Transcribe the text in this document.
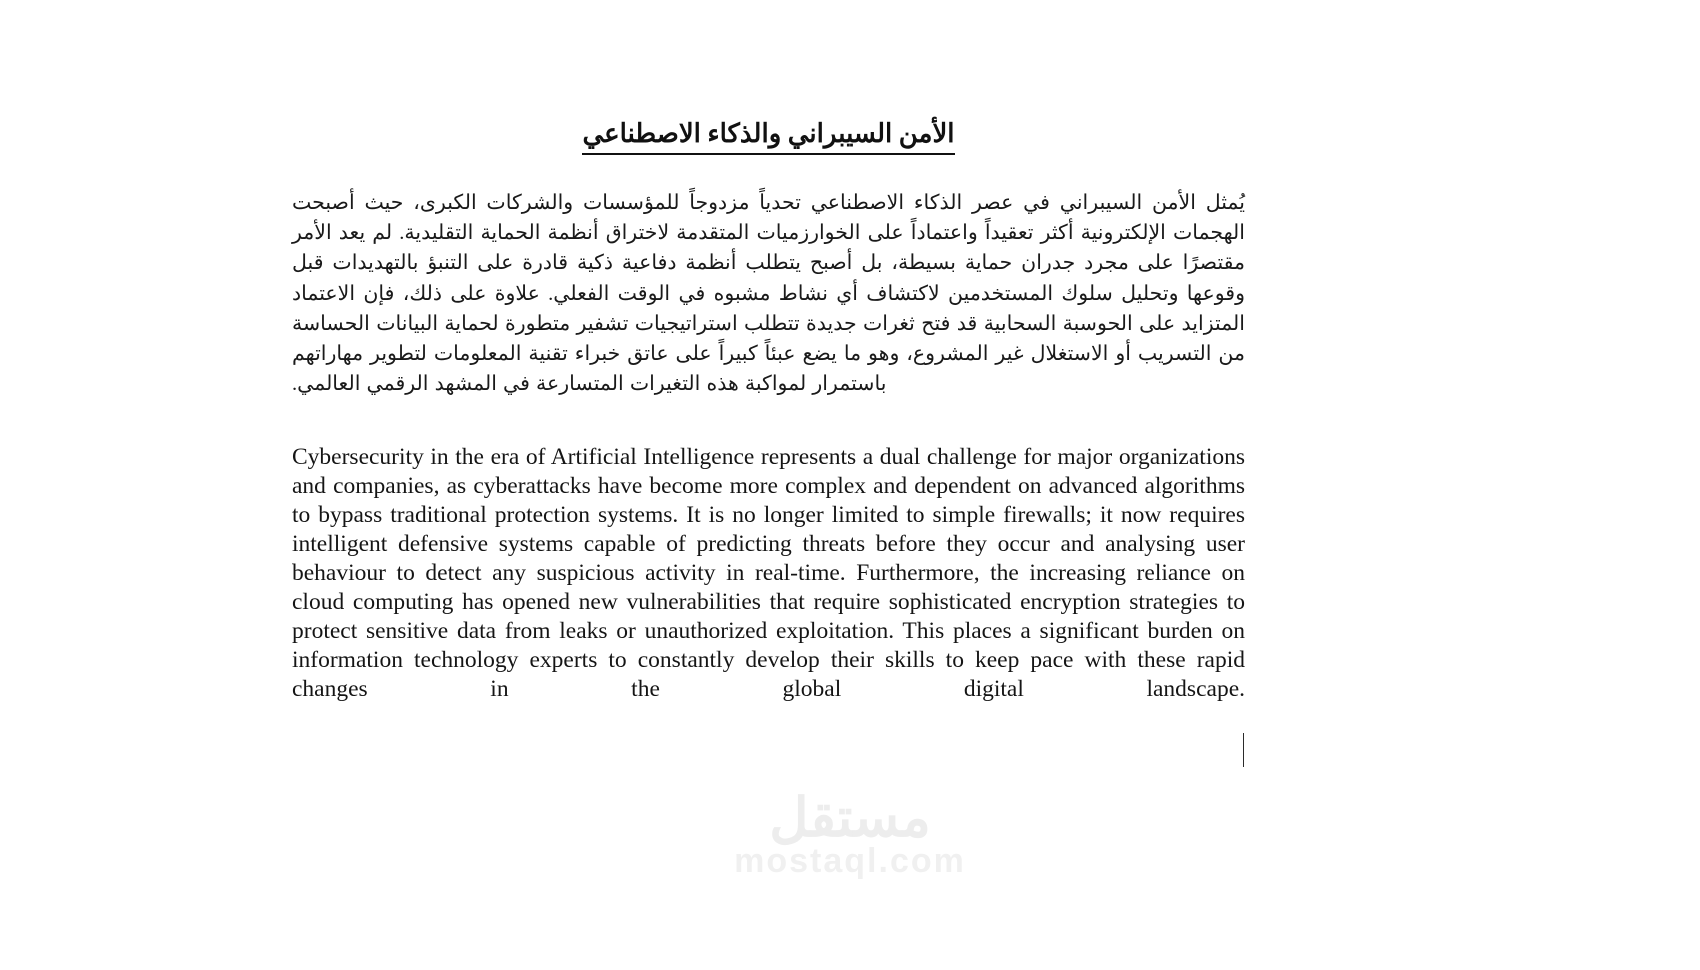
الأمن السيبراني والذكاء الاصطناعي

يُمثل الأمن السيبراني في عصر الذكاء الاصطناعي تحدياً مزدوجاً للمؤسسات والشركات الكبرى، حيث أصبحت الهجمات الإلكترونية أكثر تعقيداً واعتماداً على الخوارزميات المتقدمة لاختراق أنظمة الحماية التقليدية. لم يعد الأمر مقتصرًا على مجرد جدران حماية بسيطة، بل أصبح يتطلب أنظمة دفاعية ذكية قادرة على التنبؤ بالتهديدات قبل وقوعها وتحليل سلوك المستخدمين لاكتشاف أي نشاط مشبوه في الوقت الفعلي. علاوة على ذلك، فإن الاعتماد المتزايد على الحوسبة السحابية قد فتح ثغرات جديدة تتطلب استراتيجيات تشفير متطورة لحماية البيانات الحساسة من التسريب أو الاستغلال غير المشروع، وهو ما يضع عبئاً كبيراً على عاتق خبراء تقنية المعلومات لتطوير مهاراتهم باستمرار لمواكبة هذه التغيرات المتسارعة في المشهد الرقمي العالمي.

Cybersecurity in the era of Artificial Intelligence represents a dual challenge for major organizations and companies, as cyberattacks have become more complex and dependent on advanced algorithms to bypass traditional protection systems. It is no longer limited to simple firewalls; it now requires intelligent defensive systems capable of predicting threats before they occur and analysing user behaviour to detect any suspicious activity in real-time. Furthermore, the increasing reliance on cloud computing has opened new vulnerabilities that require sophisticated encryption strategies to protect sensitive data from leaks or unauthorized exploitation. This places a significant burden on information technology experts to constantly develop their skills to keep pace with these rapid changes in the global digital landscape.

مستقل
mostaql.com
